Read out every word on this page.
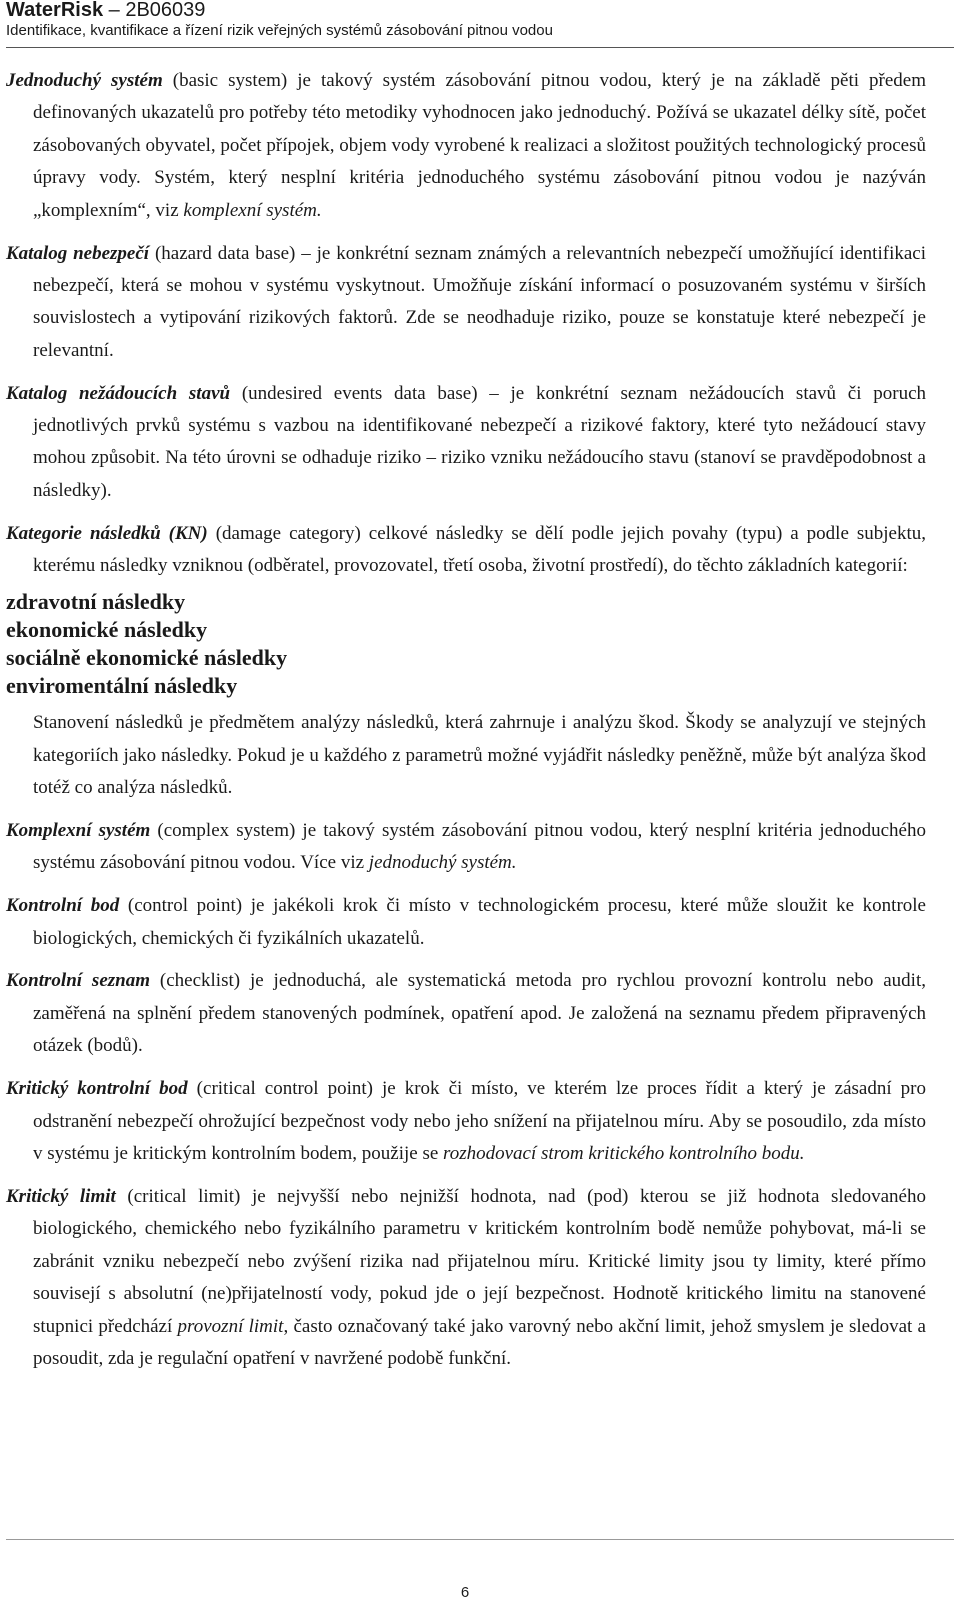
WaterRisk – 2B06039
Identifikace, kvantifikace a řízení rizik veřejných systémů zásobování pitnou vodou

Jednoduchý systém (basic system) je takový systém zásobování pitnou vodou, který je na základě pěti předem definovaných ukazatelů pro potřeby této metodiky vyhodnocen jako jednoduchý. Požívá se ukazatel délky sítě, počet zásobovaných obyvatel, počet přípojek, objem vody vyrobené k realizaci a složitost použitých technologický procesů úpravy vody. Systém, který nesplní kritéria jednoduchého systému zásobování pitnou vodou je nazýván „komplexním“, viz komplexní systém.

Katalog nebezpečí (hazard data base) – je konkrétní seznam známých a relevantních nebezpečí umožňující identifikaci nebezpečí, která se mohou v systému vyskytnout. Umožňuje získání informací o posuzovaném systému v širších souvislostech a vytipování rizikových faktorů. Zde se neodhaduje riziko, pouze se konstatuje které nebezpečí je relevantní.

Katalog nežádoucích stavů (undesired events data base) – je konkrétní seznam nežádoucích stavů či poruch jednotlivých prvků systému s vazbou na identifikované nebezpečí a rizikové faktory, které tyto nežádoucí stavy mohou způsobit. Na této úrovni se odhaduje riziko – riziko vzniku nežádoucího stavu (stanoví se pravděpodobnost a následky).

Kategorie následků (KN) (damage category) celkové následky se dělí podle jejich povahy (typu) a podle subjektu, kterému následky vzniknou (odběratel, provozovatel, třetí osoba, životní prostředí), do těchto základních kategorií:

zdravotní následky
ekonomické následky
sociálně ekonomické následky
enviromentální následky

Stanovení následků je předmětem analýzy následků, která zahrnuje i analýzu škod. Škody se analyzují ve stejných kategoriích jako následky. Pokud je u každého z parametrů možné vyjádřit následky peněžně, může být analýza škod totéž co analýza následků.

Komplexní systém (complex system) je takový systém zásobování pitnou vodou, který nesplní kritéria jednoduchého systému zásobování pitnou vodou. Více viz jednoduchý systém.

Kontrolní bod (control point) je jakékoli krok či místo v technologickém procesu, které může sloužit ke kontrole biologických, chemických či fyzikálních ukazatelů.

Kontrolní seznam (checklist) je jednoduchá, ale systematická metoda pro rychlou provozní kontrolu nebo audit, zaměřená na splnění předem stanovených podmínek, opatření apod. Je založená na seznamu předem připravených otázek (bodů).

Kritický kontrolní bod (critical control point) je krok či místo, ve kterém lze proces řídit a který je zásadní pro odstranění nebezpečí ohrožující bezpečnost vody nebo jeho snížení na přijatelnou míru. Aby se posoudilo, zda místo v systému je kritickým kontrolním bodem, použije se rozhodovací strom kritického kontrolního bodu.

Kritický limit (critical limit) je nejvyšší nebo nejnižší hodnota, nad (pod) kterou se již hodnota sledovaného biologického, chemického nebo fyzikálního parametru v kritickém kontrolním bodě nemůže pohybovat, má-li se zabránit vzniku nebezpečí nebo zvýšení rizika nad přijatelnou míru. Kritické limity jsou ty limity, které přímo souvisejí s absolutní (ne)přijatelností vody, pokud jde o její bezpečnost. Hodnotě kritického limitu na stanovené stupnici předchází provozní limit, často označovaný také jako varovný nebo akční limit, jehož smyslem je sledovat a posoudit, zda je regulační opatření v navržené podobě funkční.

6
